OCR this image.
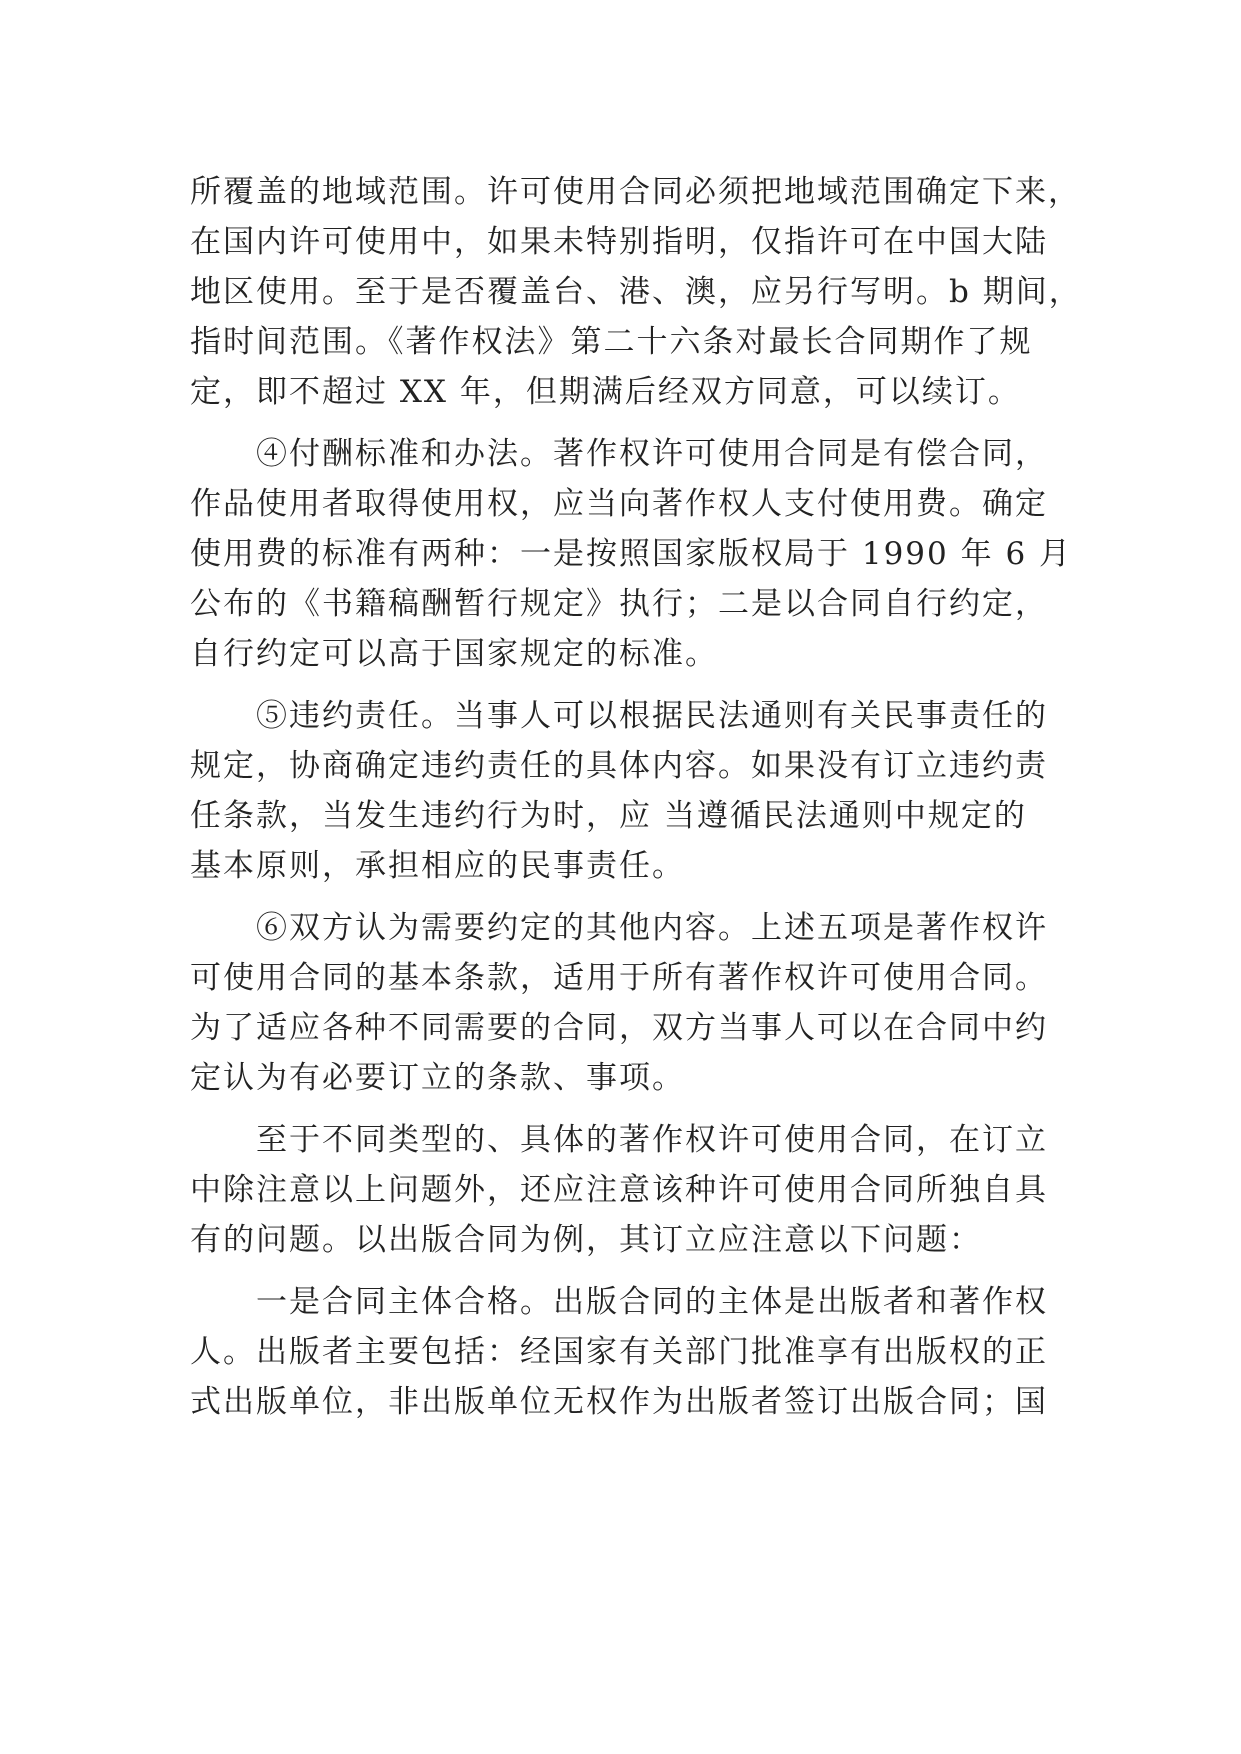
所覆盖的地域范围。许可使用合同必须把地域范围确定下来，
在国内许可使用中，如果未特别指明，仅指许可在中国大陆
地区使用。至于是否覆盖台、港、澳，应另行写明。b 期间，
指时间范围。《著作权法》第二十六条对最长合同期作了规
定，即不超过 XX 年，但期满后经双方同意，可以续订。
④付酬标准和办法。著作权许可使用合同是有偿合同，
作品使用者取得使用权，应当向著作权人支付使用费。确定
使用费的标准有两种：一是按照国家版权局于 1990 年 6 月
公布的《书籍稿酬暂行规定》执行；二是以合同自行约定，
自行约定可以高于国家规定的标准。
⑤违约责任。当事人可以根据民法通则有关民事责任的
规定，协商确定违约责任的具体内容。如果没有订立违约责
任条款，当发生违约行为时，应 当遵循民法通则中规定的
基本原则，承担相应的民事责任。
⑥双方认为需要约定的其他内容。上述五项是著作权许
可使用合同的基本条款，适用于所有著作权许可使用合同。
为了适应各种不同需要的合同，双方当事人可以在合同中约
定认为有必要订立的条款、事项。
至于不同类型的、具体的著作权许可使用合同，在订立
中除注意以上问题外，还应注意该种许可使用合同所独自具
有的问题。以出版合同为例，其订立应注意以下问题：
一是合同主体合格。出版合同的主体是出版者和著作权
人。出版者主要包括：经国家有关部门批准享有出版权的正
式出版单位，非出版单位无权作为出版者签订出版合同；国
